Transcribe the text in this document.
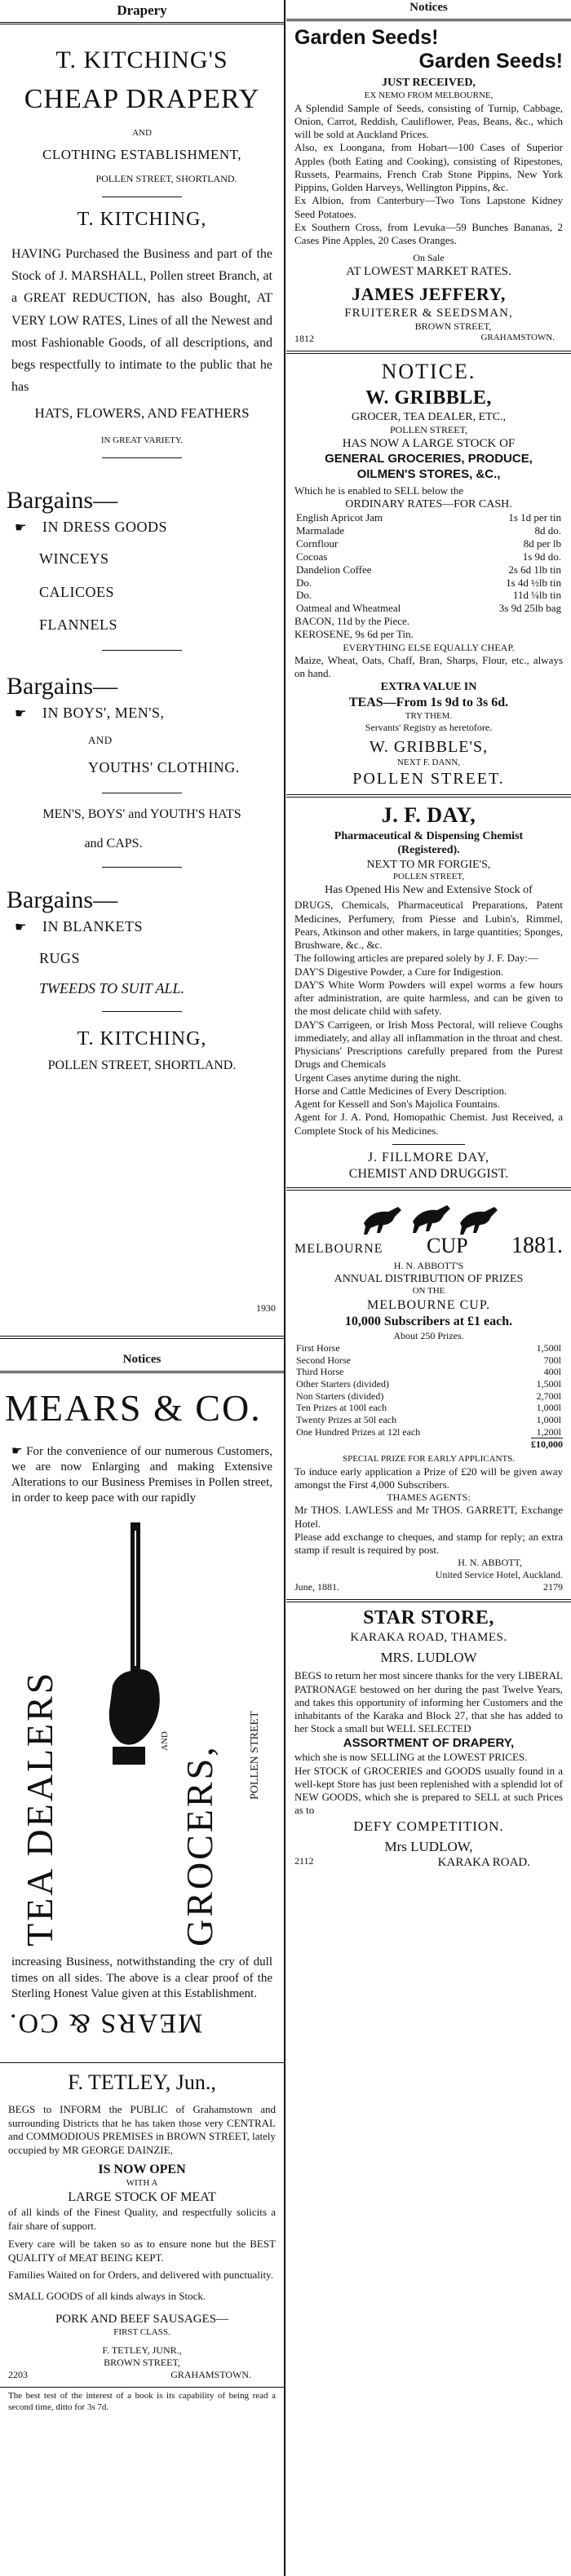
Drapery
T. KITCHING'S
CHEAP DRAPERY
AND
CLOTHING ESTABLISHMENT,
POLLEN STREET, SHORTLAND.
T. KITCHING,
HAVING Purchased the Business and part of the Stock of J. MARSHALL, Pollen street Branch, at a GREAT REDUCTION, has also Bought, AT VERY LOW RATES, Lines of all the Newest and most Fashionable Goods, of all descriptions, and begs respectfully to intimate to the public that he has
HATS, FLOWERS, AND FEATHERS
IN GREAT VARIETY.
Bargains—
☛ IN DRESS GOODS
WINCEYS
CALICOES
FLANNELS
Bargains—
☛ IN BOYS', MEN'S,
AND
YOUTHS' CLOTHING.
MEN'S, BOYS' and YOUTH'S HATS
and CAPS.
Bargains—
☛ IN BLANKETS
RUGS
TWEEDS TO SUIT ALL.
T. KITCHING,
POLLEN STREET, SHORTLAND.
1930
Notices
MEARS & CO.
☛ For the convenience of our numerous Customers, we are now Enlarging and making Extensive Alterations to our Business Premises in Pollen street, in order to keep pace with our rapidly
TEA DEALERS	AND
GROCERS,	POLLEN STREET
increasing Business, notwithstanding the cry of dull times on all sides. The above is a clear proof of the Sterling Honest Value given at this Establishment.
MEARS & CO.
F. TETLEY, Jun.,
BEGS to INFORM the PUBLIC of Grahamstown and surrounding Districts that he has taken those very CENTRAL and COMMODIOUS PREMISES in BROWN STREET, lately occupied by MR GEORGE DAINZIE,
IS NOW OPEN
WITH A
LARGE STOCK OF MEAT
of all kinds of the Finest Quality, and respectfully solicits a fair share of support.
Every care will be taken so as to ensure none but the BEST QUALITY of MEAT BEING KEPT.
Families Waited on for Orders, and delivered with punctuality.
SMALL GOODS of all kinds always in Stock.
PORK AND BEEF SAUSAGES—
FIRST CLASS.
F. TETLEY, JUNR.,
BROWN STREET,
2203	GRAHAMSTOWN.
The best test of the interest of a book is its capability of being read a second time, ditto for 3s 7d.
Notices
Garden Seeds!
Garden Seeds!
JUST RECEIVED,
EX NEMO FROM MELBOURNE,
A Splendid Sample of Seeds, consisting of Turnip, Cabbage, Onion, Carrot, Reddish, Cauliflower, Peas, Beans, &c., which will be sold at Auckland Prices.
Also, ex Loongana, from Hobart—100 Cases of Superior Apples (both Eating and Cooking), consisting of Ripestones, Russets, Pearmains, French Crab Stone Pippins, New York Pippins, Golden Harveys, Wellington Pippins, &c.
Ex Albion, from Canterbury—Two Tons Lapstone Kidney Seed Potatoes.
Ex Southern Cross, from Levuka—59 Bunches Bananas, 2 Cases Pine Apples, 20 Cases Oranges.
On Sale
AT LOWEST MARKET RATES.
JAMES JEFFERY,
FRUITERER & SEEDSMAN,
BROWN STREET,
1812	GRAHAMSTOWN.
NOTICE.
W. GRIBBLE,
GROCER, TEA DEALER, ETC.,
POLLEN STREET,
HAS NOW A LARGE STOCK OF
GENERAL GROCERIES, PRODUCE,
OILMEN'S STORES, &C.,
Which he is enabled to SELL below the
ORDINARY RATES—FOR CASH.
English Apricot Jam	1s 1d per tin
Marmalade	8d do.
Cornflour	8d per lb
Cocoas	1s 9d do.
Dandelion Coffee	2s 6d 1lb tin
Do.	1s 4d ½lb tin
Do.	11d ¼lb tin
Oatmeal and Wheatmeal	3s 9d 25lb bag
BACON, 11d by the Piece.
KEROSENE, 9s 6d per Tin.
EVERYTHING ELSE EQUALLY CHEAP.
Maize, Wheat, Oats, Chaff, Bran, Sharps, Flour, etc., always on hand.
EXTRA VALUE IN
TEAS—From 1s 9d to 3s 6d.
TRY THEM.
Servants' Registry as heretofore.
W. GRIBBLE'S,
NEXT F. DANN,
POLLEN STREET.
J. F. DAY,
Pharmaceutical & Dispensing Chemist
(Registered).
NEXT TO MR FORGIE'S,
POLLEN STREET,
Has Opened His New and Extensive Stock of
DRUGS, Chemicals, Pharmaceutical Preparations, Patent Medicines, Perfumery, from Piesse and Lubin's, Rimmel, Pears, Atkinson and other makers, in large quantities; Sponges, Brushware, &c., &c.
The following articles are prepared solely by J. F. Day:—
DAY'S Digestive Powder, a Cure for Indigestion.
DAY'S White Worm Powders will expel worms a few hours after administration, are quite harmless, and can be given to the most delicate child with safety.
DAY'S Carrigeen, or Irish Moss Pectoral, will relieve Coughs immediately, and allay all inflammation in the throat and chest.
Physicians' Prescriptions carefully prepared from the Purest Drugs and Chemicals
Urgent Cases anytime during the night.
Horse and Cattle Medicines of Every Description.
Agent for Kessell and Son's Majolica Fountains.
Agent for J. A. Pond, Homopathic Chemist. Just Received, a Complete Stock of his Medicines.
J. FILLMORE DAY,
CHEMIST AND DRUGGIST.
MELBOURNE CUP 1881.
H. N. ABBOTT'S
ANNUAL DISTRIBUTION OF PRIZES
ON THE
MELBOURNE CUP.
10,000 Subscribers at £1 each.
About 250 Prizes.
First Horse	1,500l
Second Horse	700l
Third Horse	400l
Other Starters (divided)	1,500l
Non Starters (divided)	2,700l
Ten Prizes at 100l each	1,000l
Twenty Prizes at 50l each	1,000l
One Hundred Prizes at 12l each	1,200l
£10,000
SPECIAL PRIZE FOR EARLY APPLICANTS.
To induce early application a Prize of £20 will be given away amongst the First 4,000 Subscribers.
THAMES AGENTS:
Mr THOS. LAWLESS and Mr THOS. GARRETT, Exchange Hotel.
Please add exchange to cheques, and stamp for reply; an extra stamp if result is required by post.
H. N. ABBOTT,
United Service Hotel, Auckland.
June, 1881.	2179
STAR STORE,
KARAKA ROAD, THAMES.
MRS. LUDLOW
BEGS to return her most sincere thanks for the very LIBERAL PATRONAGE bestowed on her during the past Twelve Years, and takes this opportunity of informing her Customers and the inhabitants of the Karaka and Block 27, that she has added to her Stock a small but WELL SELECTED
ASSORTMENT OF DRAPERY,
which she is now SELLING at the LOWEST PRICES.
Her STOCK of GROCERIES and GOODS usually found in a well-kept Store has just been replenished with a splendid lot of NEW GOODS, which she is prepared to SELL at such Prices as to
DEFY COMPETITION.
Mrs LUDLOW,
2112	KARAKA ROAD.
